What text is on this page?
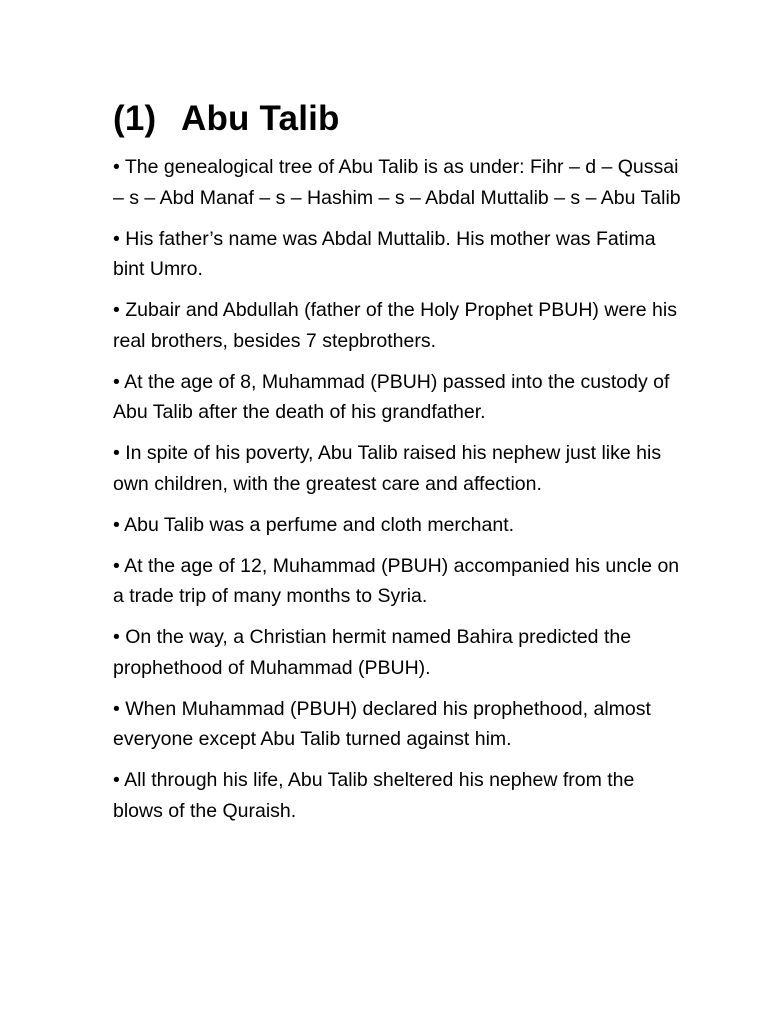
(1) Abu Talib
• The genealogical tree of Abu Talib is as under: Fihr – d – Qussai – s – Abd Manaf – s – Hashim – s – Abdal Muttalib – s – Abu Talib
• His father’s name was Abdal Muttalib. His mother was Fatima bint Umro.
• Zubair and Abdullah (father of the Holy Prophet PBUH) were his real brothers, besides 7 stepbrothers.
• At the age of 8, Muhammad (PBUH) passed into the custody of Abu Talib after the death of his grandfather.
• In spite of his poverty, Abu Talib raised his nephew just like his own children, with the greatest care and affection.
• Abu Talib was a perfume and cloth merchant.
• At the age of 12, Muhammad (PBUH) accompanied his uncle on a trade trip of many months to Syria.
• On the way, a Christian hermit named Bahira predicted the prophethood of Muhammad (PBUH).
• When Muhammad (PBUH) declared his prophethood, almost everyone except Abu Talib turned against him.
• All through his life, Abu Talib sheltered his nephew from the blows of the Quraish.
